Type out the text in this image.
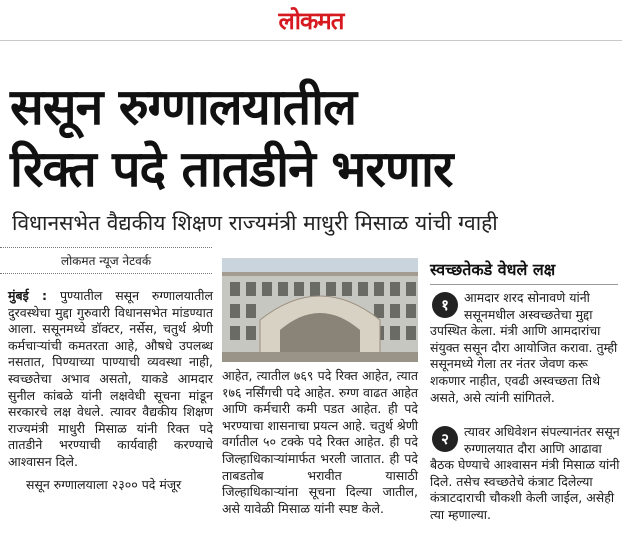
लोकमत
ससून रुग्णालयातील
रिक्त पदे तातडीने भरणार
विधानसभेत वैद्यकीय शिक्षण राज्यमंत्री माधुरी मिसाळ यांची ग्वाही
लोकमत न्यूज नेटवर्क
मुंबई : पुण्यातील ससून रुग्णालयातील दुरवस्थेचा मुद्दा गुरुवारी विधानसभेत मांडण्यात आला. ससूनमध्ये डॉक्टर, नर्सेस, चतुर्थ श्रेणी कर्मचाऱ्यांची कमतरता आहे, औषधे उपलब्ध नसतात, पिण्याच्या पाण्याची व्यवस्था नाही, स्वच्छतेचा अभाव असतो, याकडे आमदार सुनील कांबळे यांनी लक्षवेधी सूचना मांडून सरकारचे लक्ष वेधले. त्यावर वैद्यकीय शिक्षण राज्यमंत्री माधुरी मिसाळ यांनी रिक्त पदे तातडीने भरण्याची कार्यवाही करण्याचे आश्वासन दिले.
ससून रुग्णालयाला २३०० पदे मंजूर
आहेत, त्यातील ७६९ पदे रिक्त आहेत, त्यात १७६ नर्सिंगची पदे आहेत. रुग्ण वाढत आहेत आणि कर्मचारी कमी पडत आहेत. ही पदे भरण्याचा शासनाचा प्रयत्न आहे. चतुर्थ श्रेणी वर्गातील ५० टक्के पदे रिक्त आहेत. ही पदे जिल्हाधिकाऱ्यांमार्फत भरली जातात. ही पदे ताबडतोब भरावीत यासाठी जिल्हाधिकाऱ्यांना सूचना दिल्या जातील, असे यावेळी मिसाळ यांनी स्पष्ट केले.
स्वच्छतेकडे वेधले लक्ष
१	आमदार शरद सोनावणे यांनी ससूनमधील अस्वच्छतेचा मुद्दा उपस्थित केला. मंत्री आणि आमदारांचा संयुक्त ससून दौरा आयोजित करावा. तुम्ही ससूनमध्ये गेला तर नंतर जेवण करू शकणार नाहीत, एवढी अस्वच्छता तिथे असते, असे त्यांनी सांगितले.
२	त्यावर अधिवेशन संपल्यानंतर ससून रुग्णालयात दौरा आणि आढावा बैठक घेण्याचे आश्वासन मंत्री मिसाळ यांनी दिले. तसेच स्वच्छतेचे कंत्राट दिलेल्या कंत्राटदाराची चौकशी केली जाईल, असेही त्या म्हणाल्या.
